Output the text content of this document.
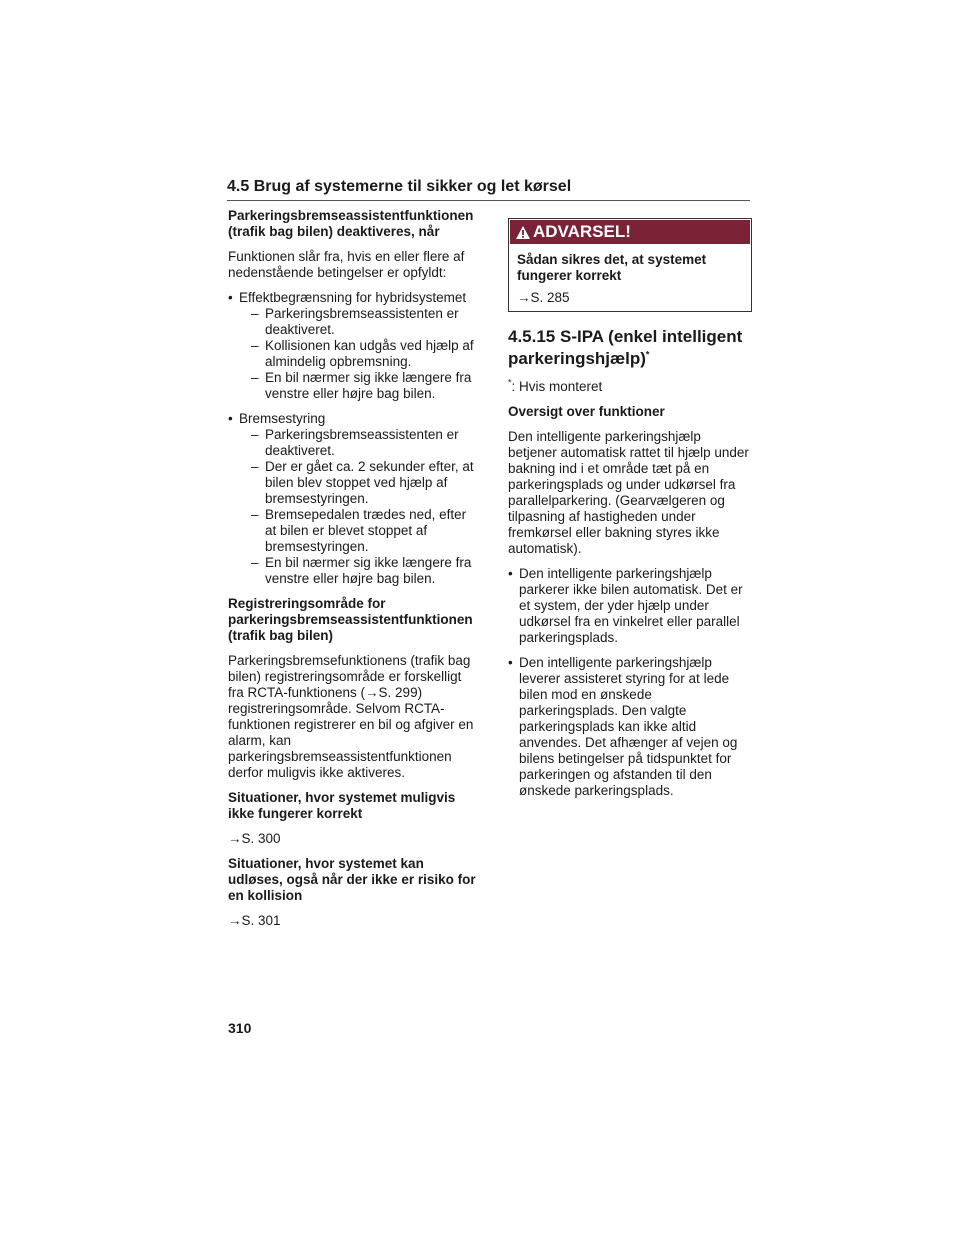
4.5 Brug af systemerne til sikker og let kørsel

Parkeringsbremseassistentfunktionen (trafik bag bilen) deaktiveres, når

Funktionen slår fra, hvis en eller flere af nedenstående betingelser er opfyldt:

• Effektbegrænsning for hybridsystemet
– Parkeringsbremseassistenten er deaktiveret.
– Kollisionen kan udgås ved hjælp af almindelig opbremsning.
– En bil nærmer sig ikke længere fra venstre eller højre bag bilen.
• Bremsestyring
– Parkeringsbremseassistenten er deaktiveret.
– Der er gået ca. 2 sekunder efter, at bilen blev stoppet ved hjælp af bremsestyringen.
– Bremsepedalen trædes ned, efter at bilen er blevet stoppet af bremsestyringen.
– En bil nærmer sig ikke længere fra venstre eller højre bag bilen.

Registreringsområde for parkeringsbremseassistentfunktionen (trafik bag bilen)

Parkeringsbremsefunktionens (trafik bag bilen) registreringsområde er forskelligt fra RCTA-funktionens (→S. 299) registreringsområde. Selvom RCTA-funktionen registrerer en bil og afgiver en alarm, kan parkeringsbremseassistentfunktionen derfor muligvis ikke aktiveres.

Situationer, hvor systemet muligvis ikke fungerer korrekt

→S. 300

Situationer, hvor systemet kan udløses, også når der ikke er risiko for en kollision

→S. 301

ADVARSEL!

Sådan sikres det, at systemet fungerer korrekt

→S. 285

4.5.15 S-IPA (enkel intelligent parkeringshjælp)*

*: Hvis monteret

Oversigt over funktioner

Den intelligente parkeringshjælp betjener automatisk rattet til hjælp under bakning ind i et område tæt på en parkeringsplads og under udkørsel fra parallelparkering. (Gearvælgeren og tilpasning af hastigheden under fremkørsel eller bakning styres ikke automatisk).

• Den intelligente parkeringshjælp parkerer ikke bilen automatisk. Det er et system, der yder hjælp under udkørsel fra en vinkelret eller parallel parkeringsplads.
• Den intelligente parkeringshjælp leverer assisteret styring for at lede bilen mod en ønskede parkeringsplads. Den valgte parkeringsplads kan ikke altid anvendes. Det afhænger af vejen og bilens betingelser på tidspunktet for parkeringen og afstanden til den ønskede parkeringsplads.
310
